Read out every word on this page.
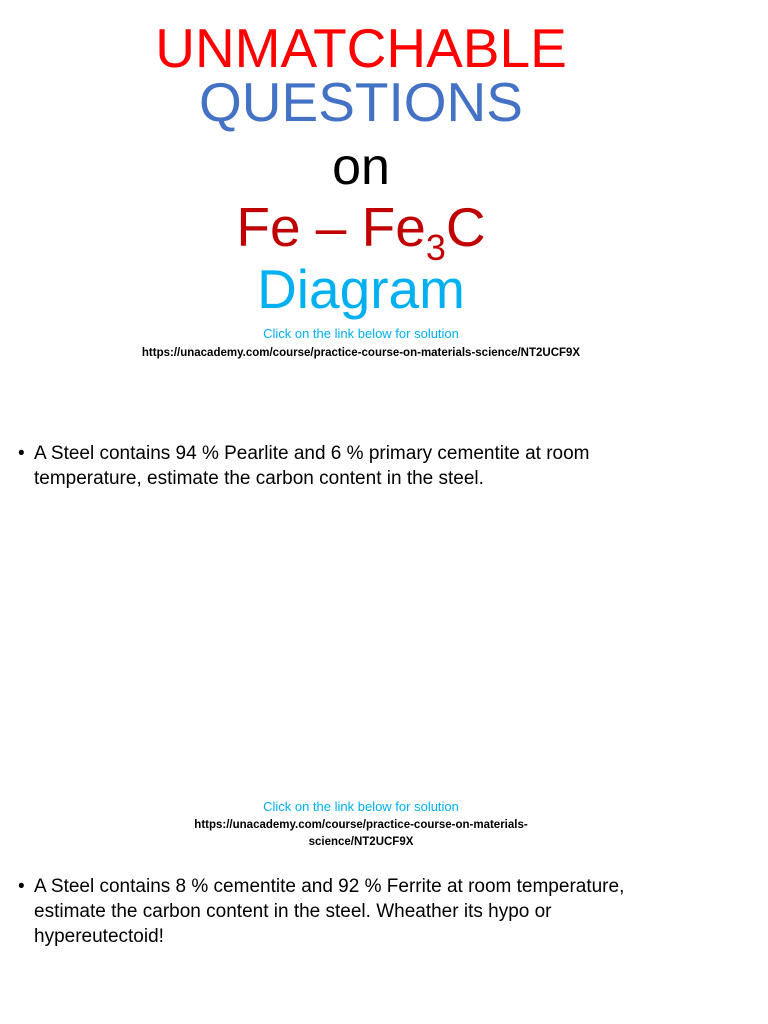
UNMATCHABLE
QUESTIONS
on
Fe – $Fe_3C$
Diagram
Click on the link below for solution
https://unacademy.com/course/practice-course-on-materials-science/NT2UCF9X
• A Steel contains 94 % Pearlite and 6 % primary cementite at room temperature, estimate the carbon content in the steel.
Click on the link below for solution
https://unacademy.com/course/practice-course-on-materials-science/NT2UCF9X
• A Steel contains 8 % cementite and 92 % Ferrite at room temperature, estimate the carbon content in the steel. Wheather its hypo or hypereutectoid!
